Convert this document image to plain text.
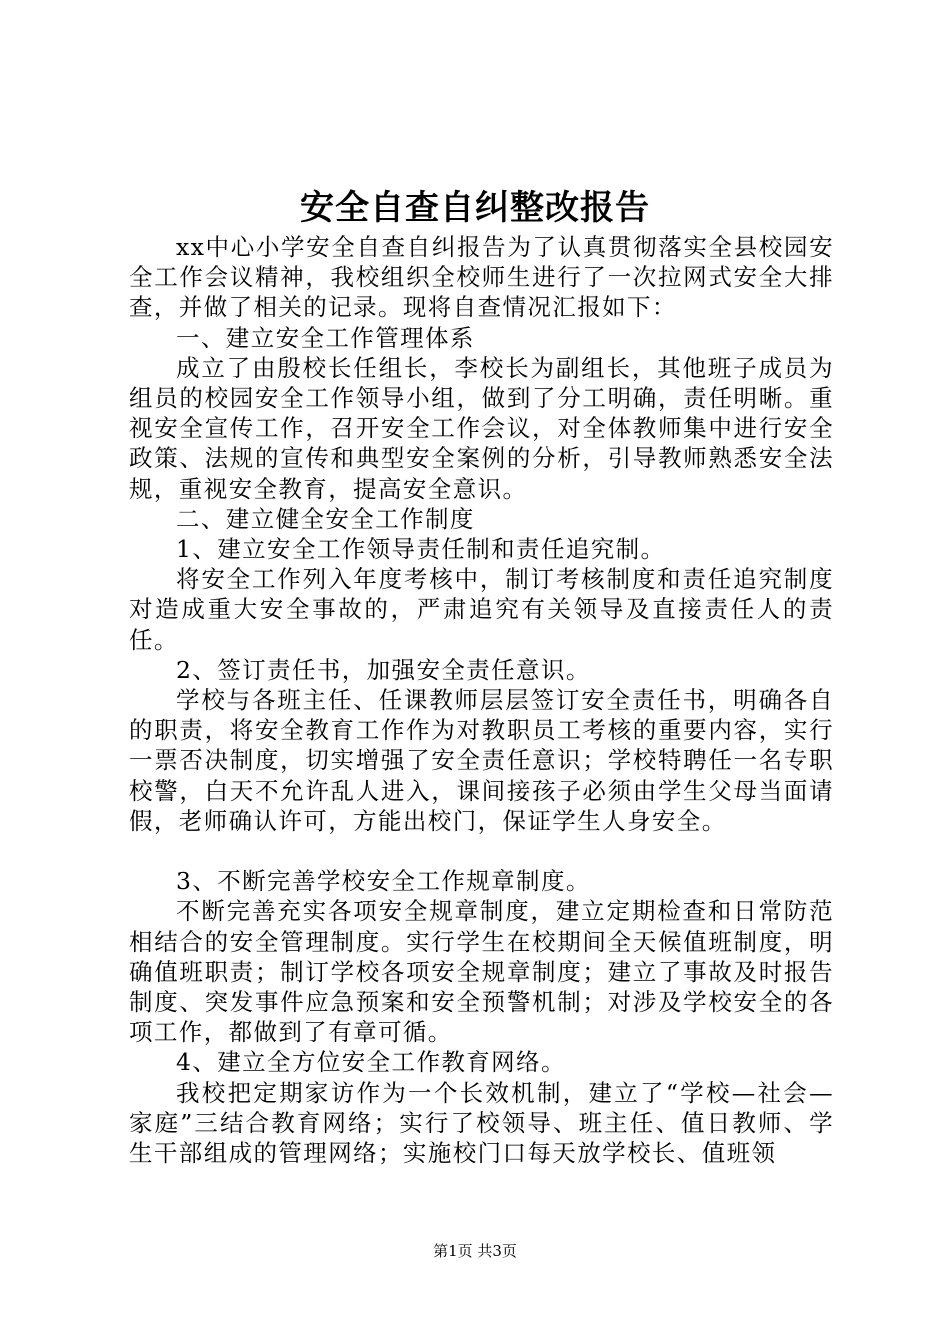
安全自查自纠整改报告

xx中心小学安全自查自纠报告为了认真贯彻落实全县校园安全工作会议精神，我校组织全校师生进行了一次拉网式安全大排查，并做了相关的记录。现将自查情况汇报如下：

一、建立安全工作管理体系

成立了由殷校长任组长，李校长为副组长，其他班子成员为组员的校园安全工作领导小组，做到了分工明确，责任明晰。重视安全宣传工作，召开安全工作会议，对全体教师集中进行安全政策、法规的宣传和典型安全案例的分析，引导教师熟悉安全法规，重视安全教育，提高安全意识。

二、建立健全安全工作制度

1、建立安全工作领导责任制和责任追究制。

将安全工作列入年度考核中，制订考核制度和责任追究制度对造成重大安全事故的，严肃追究有关领导及直接责任人的责任。

2、签订责任书，加强安全责任意识。

学校与各班主任、任课教师层层签订安全责任书，明确各自的职责，将安全教育工作作为对教职员工考核的重要内容，实行一票否决制度，切实增强了安全责任意识；学校特聘任一名专职校警，白天不允许乱人进入，课间接孩子必须由学生父母当面请假，老师确认许可，方能出校门，保证学生人身安全。

3、不断完善学校安全工作规章制度。

不断完善充实各项安全规章制度，建立定期检查和日常防范相结合的安全管理制度。实行学生在校期间全天候值班制度，明确值班职责；制订学校各项安全规章制度；建立了事故及时报告制度、突发事件应急预案和安全预警机制；对涉及学校安全的各项工作，都做到了有章可循。

4、建立全方位安全工作教育网络。

我校把定期家访作为一个长效机制，建立了“学校—社会—家庭”三结合教育网络；实行了校领导、班主任、值日教师、学生干部组成的管理网络；实施校门口每天放学校长、值班领

第1页 共3页
